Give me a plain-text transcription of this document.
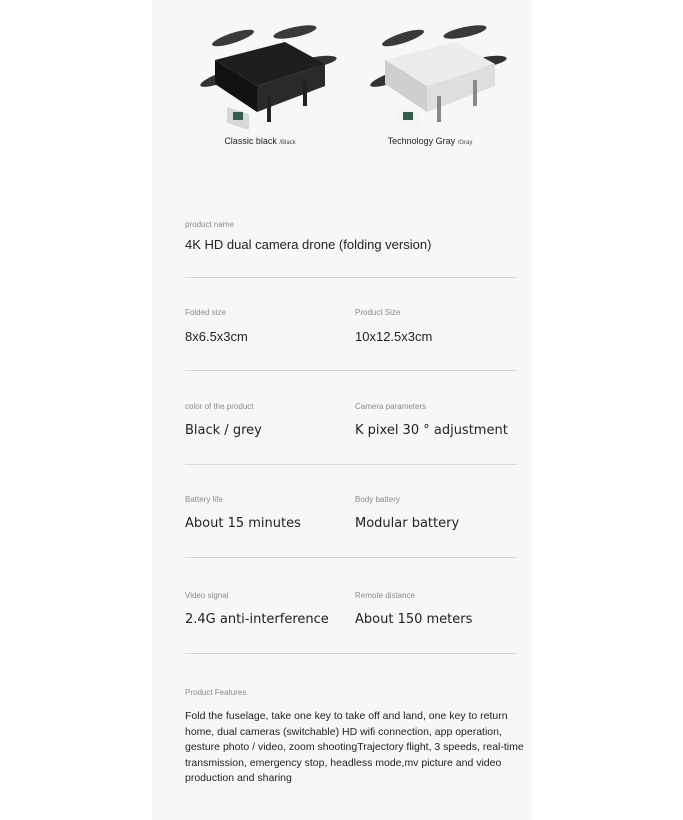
Classic black /Black	Technology Gray /Gray
product name
4K HD dual camera drone (folding version)
Folded size
8x6.5x3cm
Product Size
10x12.5x3cm
color of the product
Black / grey
Camera parameters
K pixel 30 ° adjustment
Battery life
About 15 minutes
Body battery
Modular battery
Video signal
2.4G anti-interference
Remote distance
About 150 meters
Product Features
Fold the fuselage, take one key to take off and land, one key to return home, dual cameras (switchable) HD wifi connection, app operation, gesture photo / video, zoom shootingTrajectory flight, 3 speeds, real-time transmission, emergency stop, headless mode,mv picture and video production and sharing
